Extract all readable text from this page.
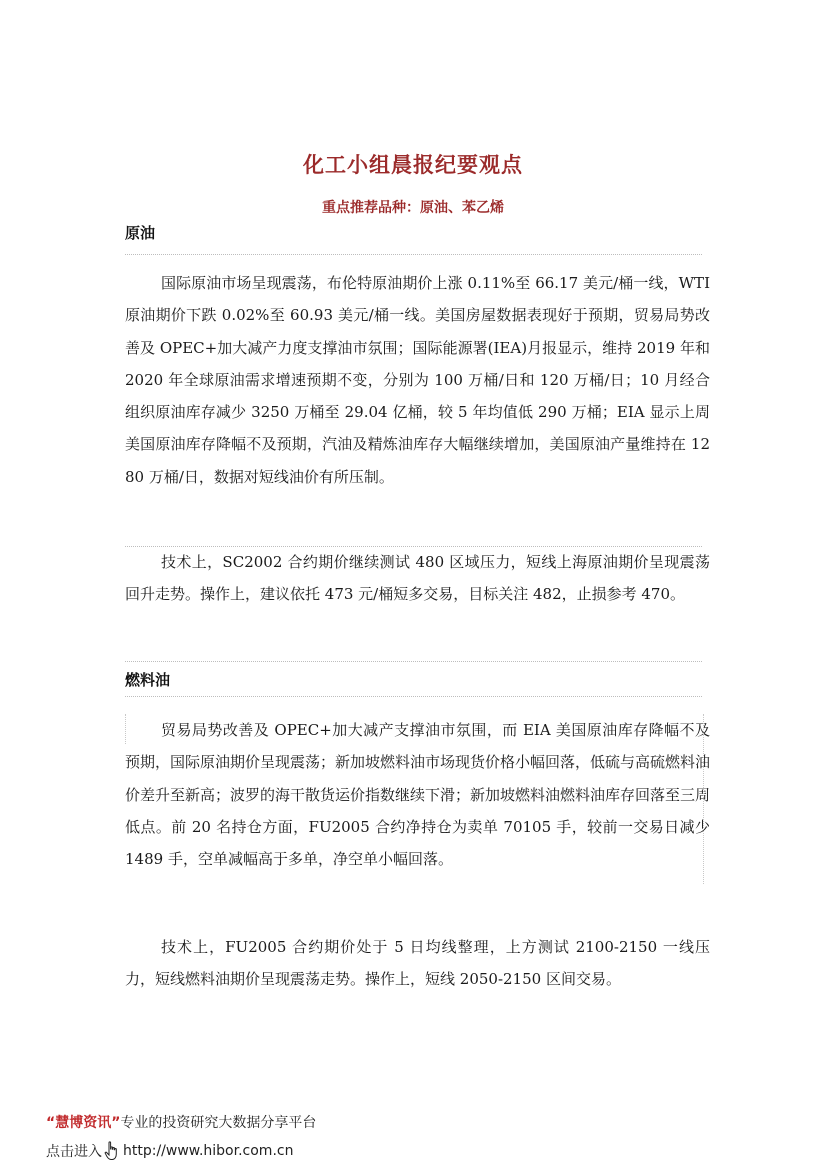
化工小组晨报纪要观点
重点推荐品种：原油、苯乙烯
原油

国际原油市场呈现震荡，布伦特原油期价上涨 0.11%至 66.17 美元/桶一线，WTI 原油期价下跌 0.02%至 60.93 美元/桶一线。美国房屋数据表现好于预期，贸易局势改善及 OPEC+加大减产力度支撑油市氛围；国际能源署(IEA)月报显示，维持 2019 年和 2020 年全球原油需求增速预期不变，分别为 100 万桶/日和 120 万桶/日；10 月经合组织原油库存减少 3250 万桶至 29.04 亿桶，较 5 年均值低 290 万桶；EIA 显示上周美国原油库存降幅不及预期，汽油及精炼油库存大幅继续增加，美国原油产量维持在 1280 万桶/日，数据对短线油价有所压制。

技术上，SC2002 合约期价继续测试 480 区域压力，短线上海原油期价呈现震荡回升走势。操作上，建议依托 473 元/桶短多交易，目标关注 482，止损参考 470。

燃料油

贸易局势改善及 OPEC+加大减产支撑油市氛围，而 EIA 美国原油库存降幅不及预期，国际原油期价呈现震荡；新加坡燃料油市场现货价格小幅回落，低硫与高硫燃料油价差升至新高；波罗的海干散货运价指数继续下滑；新加坡燃料油燃料油库存回落至三周低点。前 20 名持仓方面，FU2005 合约净持仓为卖单 70105 手，较前一交易日减少 1489 手，空单减幅高于多单，净空单小幅回落。

技术上，FU2005 合约期价处于 5 日均线整理，上方测试 2100-2150 一线压力，短线燃料油期价呈现震荡走势。操作上，短线 2050-2150 区间交易。

“慧博资讯”专业的投资研究大数据分享平台
点击进入 http://www.hibor.com.cn
